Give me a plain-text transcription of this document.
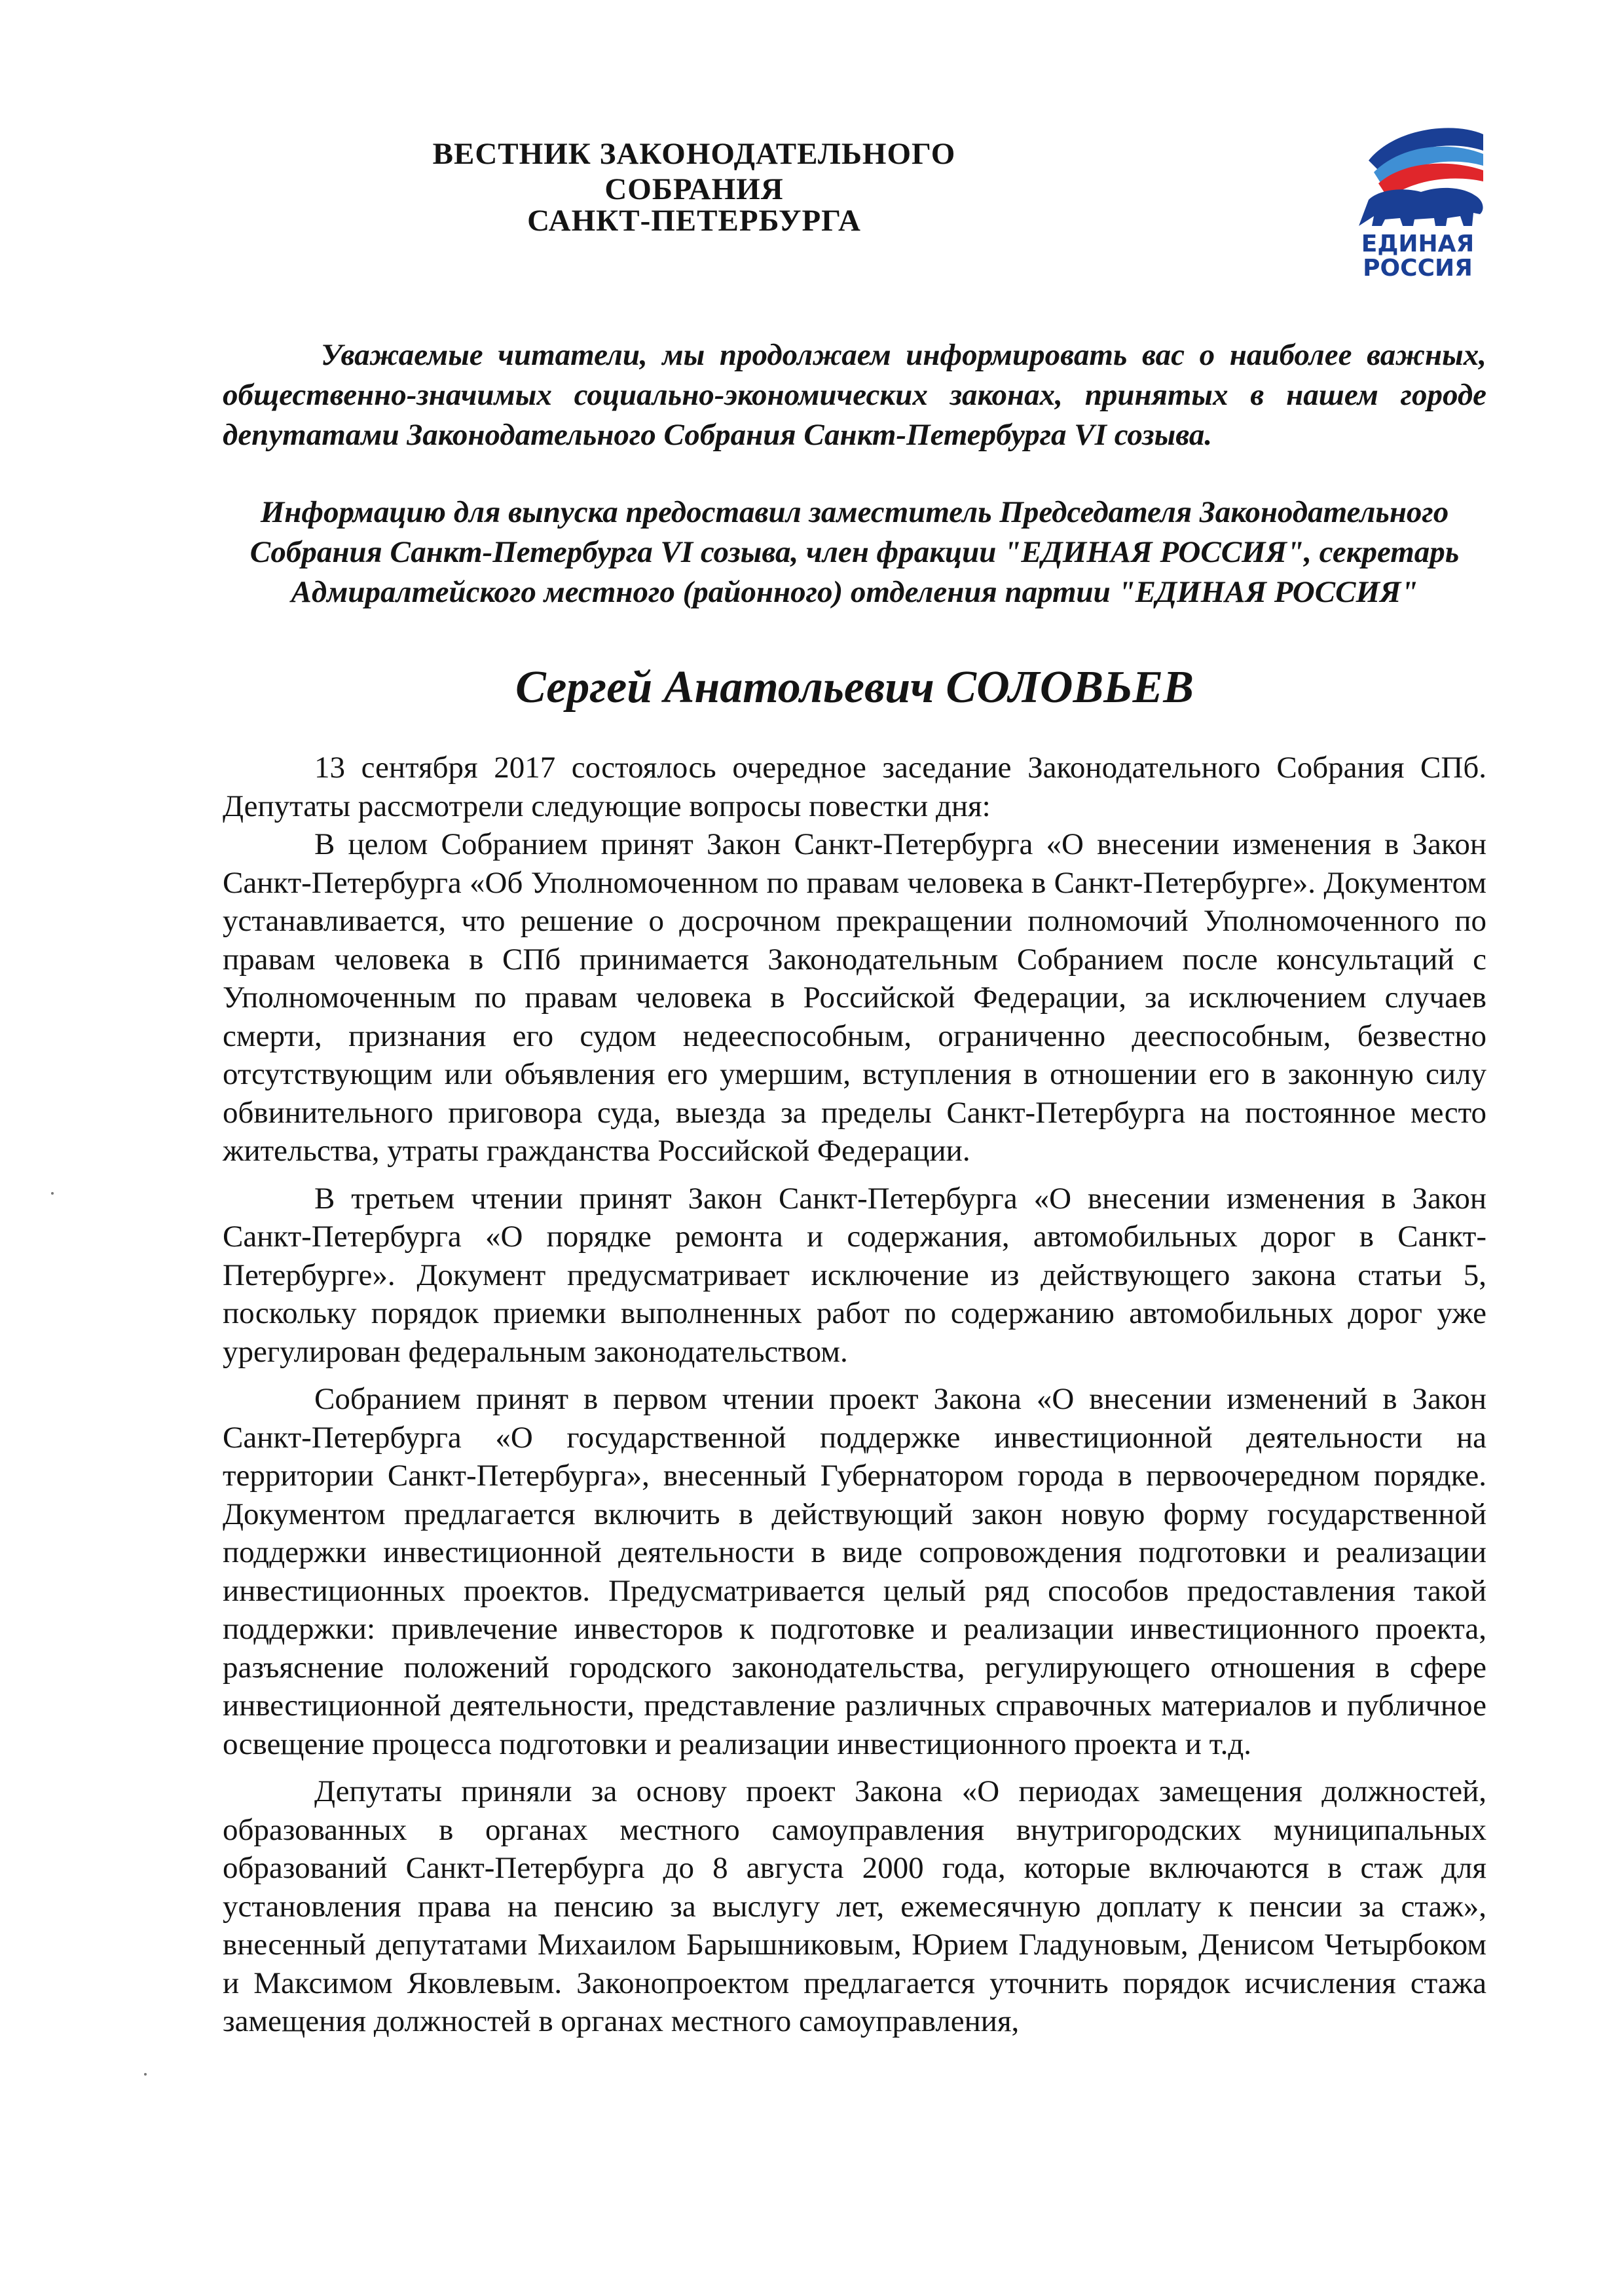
ВЕСТНИК ЗАКОНОДАТЕЛЬНОГО СОБРАНИЯ
САНКТ-ПЕТЕРБУРГА
ЕДИНАЯ
РОССИЯ
Уважаемые читатели, мы продолжаем информировать вас о наиболее важных, общественно-значимых социально-экономических законах, принятых в нашем городе депутатами Законодательного Собрания Санкт-Петербурга VI созыва.
Информацию для выпуска предоставил заместитель Председателя Законодательного Собрания Санкт-Петербурга VI созыва, член фракции "ЕДИНАЯ РОССИЯ", секретарь Адмиралтейского местного (районного) отделения партии "ЕДИНАЯ РОССИЯ"
Сергей Анатольевич СОЛОВЬЕВ

13 сентября 2017 состоялось очередное заседание Законодательного Собрания СПб. Депутаты рассмотрели следующие вопросы повестки дня:

В целом Собранием принят Закон Санкт-Петербурга «О внесении изменения в Закон Санкт-Петербурга «Об Уполномоченном по правам человека в Санкт-Петербурге». Документом устанавливается, что решение о досрочном прекращении полномочий Уполномоченного по правам человека в СПб принимается Законодательным Собранием после консультаций с Уполномоченным по правам человека в Российской Федерации, за исключением случаев смерти, признания его судом недееспособным, ограниченно дееспособным, безвестно отсутствующим или объявления его умершим, вступления в отношении его в законную силу обвинительного приговора суда, выезда за пределы Санкт-Петербурга на постоянное место жительства, утраты гражданства Российской Федерации.

В третьем чтении принят Закон Санкт-Петербурга «О внесении изменения в Закон Санкт-Петербурга «О порядке ремонта и содержания, автомобильных дорог в Санкт-Петербурге». Документ предусматривает исключение из действующего закона статьи 5, поскольку порядок приемки выполненных работ по содержанию автомобильных дорог уже урегулирован федеральным законодательством.

Собранием принят в первом чтении проект Закона «О внесении изменений в Закон Санкт-Петербурга «О государственной поддержке инвестиционной деятельности на территории Санкт-Петербурга», внесенный Губернатором города в первоочередном порядке. Документом предлагается включить в действующий закон новую форму государственной поддержки инвестиционной деятельности в виде сопровождения подготовки и реализации инвестиционных проектов. Предусматривается целый ряд способов предоставления такой поддержки: привлечение инвесторов к подготовке и реализации инвестиционного проекта, разъяснение положений городского законодательства, регулирующего отношения в сфере инвестиционной деятельности, представление различных справочных материалов и публичное освещение процесса подготовки и реализации инвестиционного проекта и т.д.

Депутаты приняли за основу проект Закона «О периодах замещения должностей, образованных в органах местного самоуправления внутригородских муниципальных образований Санкт-Петербурга до 8 августа 2000 года, которые включаются в стаж для установления права на пенсию за выслугу лет, ежемесячную доплату к пенсии за стаж», внесенный депутатами Михаилом Барышниковым, Юрием Гладуновым, Денисом Четырбоком и Максимом Яковлевым. Законопроектом предлагается уточнить порядок исчисления стажа замещения должностей в органах местного самоуправления,
